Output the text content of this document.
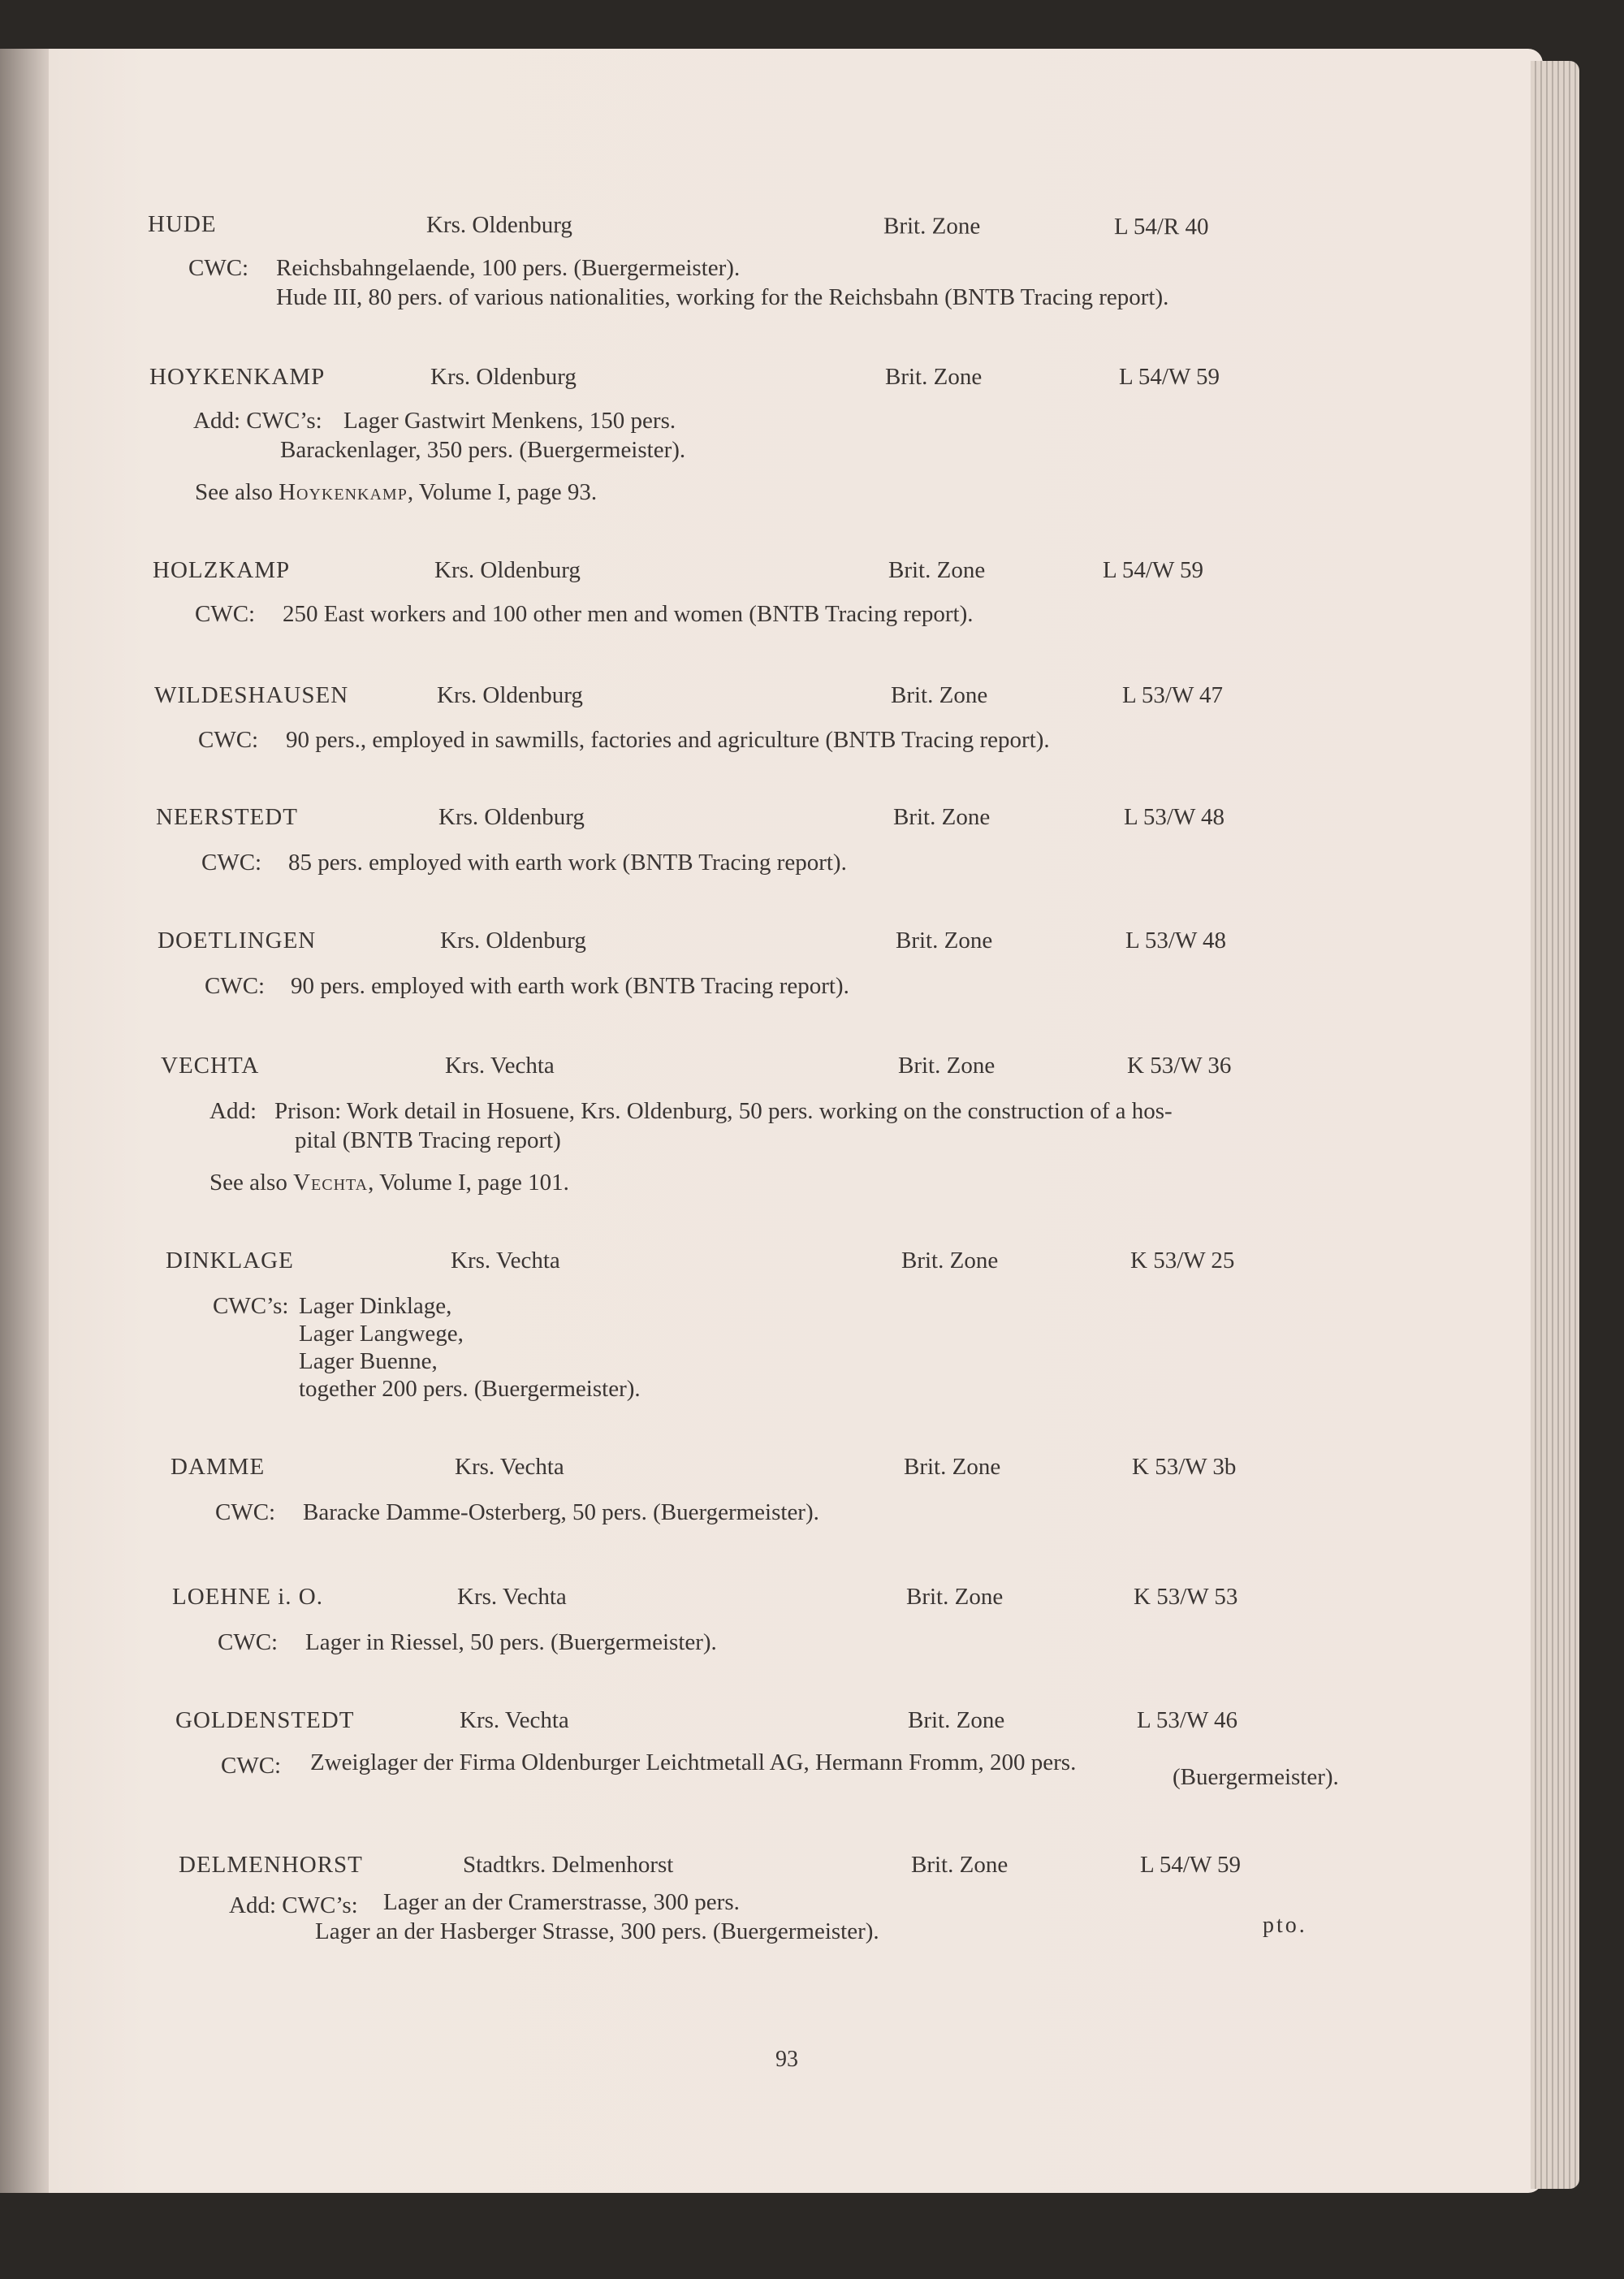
HUDE	Krs. Oldenburg	Brit. Zone	L 54/R 40
CWC: Reichsbahngelaende, 100 pers. (Buergermeister).
Hude III, 80 pers. of various nationalities, working for the Reichsbahn (BNTB Tracing report).
HOYKENKAMP	Krs. Oldenburg	Brit. Zone	L 54/W 59
Add: CWC’s: Lager Gastwirt Menkens, 150 pers.
Barackenlager, 350 pers. (Buergermeister).
See also Hoykenkamp, Volume I, page 93.
HOLZKAMP	Krs. Oldenburg	Brit. Zone	L 54/W 59
CWC: 250 East workers and 100 other men and women (BNTB Tracing report).
WILDESHAUSEN	Krs. Oldenburg	Brit. Zone	L 53/W 47
CWC: 90 pers., employed in sawmills, factories and agriculture (BNTB Tracing report).
NEERSTEDT	Krs. Oldenburg	Brit. Zone	L 53/W 48
CWC: 85 pers. employed with earth work (BNTB Tracing report).
DOETLINGEN	Krs. Oldenburg	Brit. Zone	L 53/W 48
CWC: 90 pers. employed with earth work (BNTB Tracing report).
VECHTA	Krs. Vechta	Brit. Zone	K 53/W 36
Add: Prison: Work detail in Hosuene, Krs. Oldenburg, 50 pers. working on the construction of a hos-
pital (BNTB Tracing report)
See also Vechta, Volume I, page 101.
DINKLAGE	Krs. Vechta	Brit. Zone	K 53/W 25
CWC’s: Lager Dinklage,
Lager Langwege,
Lager Buenne,
together 200 pers. (Buergermeister).
DAMME	Krs. Vechta	Brit. Zone	K 53/W 3b
CWC: Baracke Damme-Osterberg, 50 pers. (Buergermeister).
LOEHNE i. O.	Krs. Vechta	Brit. Zone	K 53/W 53
CWC: Lager in Riessel, 50 pers. (Buergermeister).
GOLDENSTEDT	Krs. Vechta	Brit. Zone	L 53/W 46
CWC: Zweiglager der Firma Oldenburger Leichtmetall AG, Hermann Fromm, 200 pers.
(Buergermeister).
DELMENHORST	Stadtkrs. Delmenhorst	Brit. Zone	L 54/W 59
Add: CWC’s: Lager an der Cramerstrasse, 300 pers.
Lager an der Hasberger Strasse, 300 pers. (Buergermeister).	pto.
93
